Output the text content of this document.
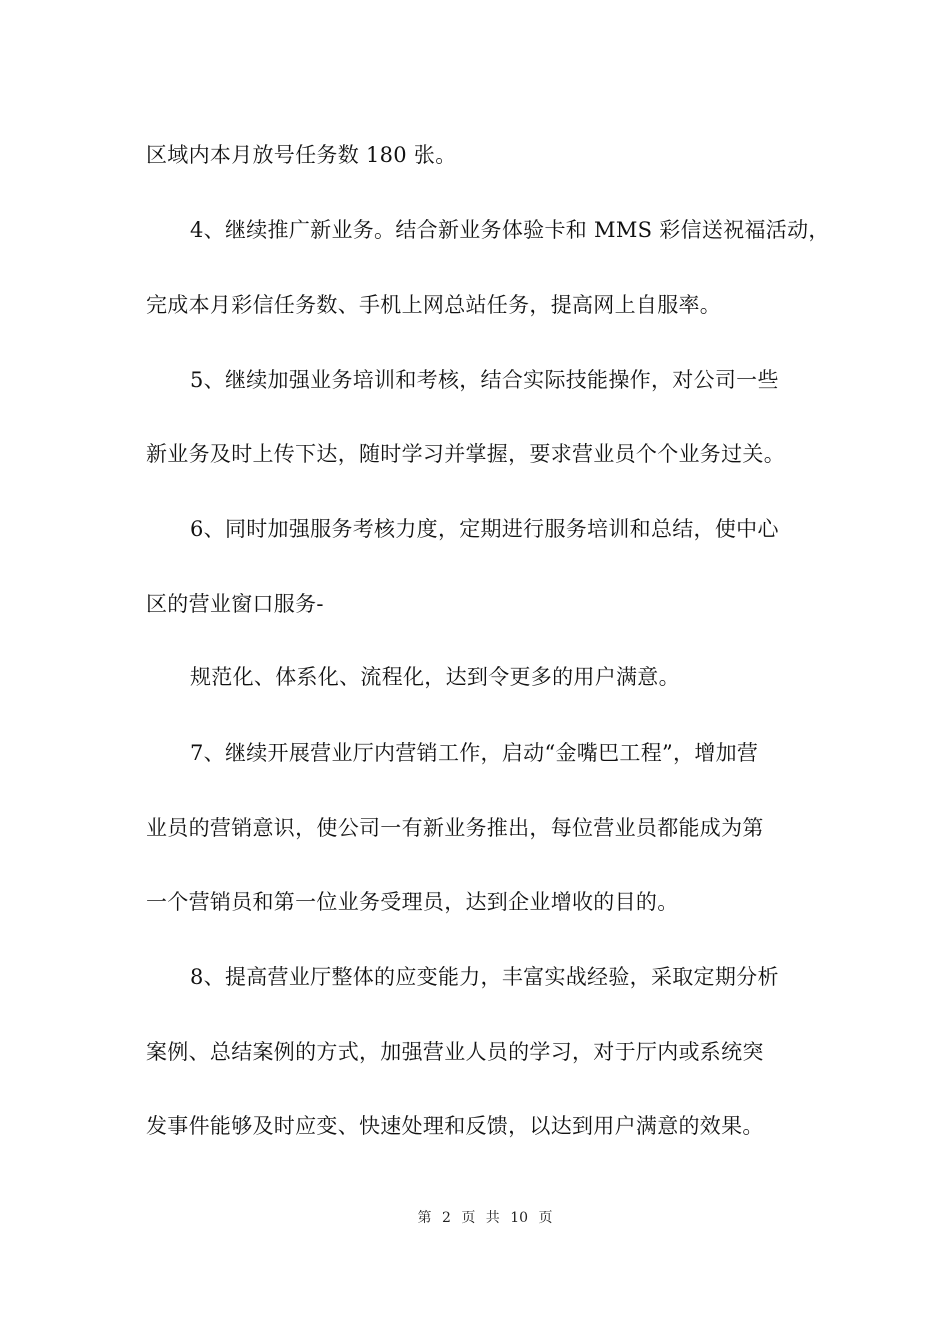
区域内本月放号任务数 180 张。
4、继续推广新业务。结合新业务体验卡和 MMS 彩信送祝福活动，
完成本月彩信任务数、手机上网总站任务，提高网上自服率。
5、继续加强业务培训和考核，结合实际技能操作，对公司一些
新业务及时上传下达，随时学习并掌握，要求营业员个个业务过关。
6、同时加强服务考核力度，定期进行服务培训和总结，使中心
区的营业窗口服务-
规范化、体系化、流程化，达到令更多的用户满意。
7、继续开展营业厅内营销工作，启动“金嘴巴工程”，增加营
业员的营销意识，使公司一有新业务推出，每位营业员都能成为第
一个营销员和第一位业务受理员，达到企业增收的目的。
8、提高营业厅整体的应变能力，丰富实战经验，采取定期分析
案例、总结案例的方式，加强营业人员的学习，对于厅内或系统突
发事件能够及时应变、快速处理和反馈，以达到用户满意的效果。
第 2 页 共 10 页
